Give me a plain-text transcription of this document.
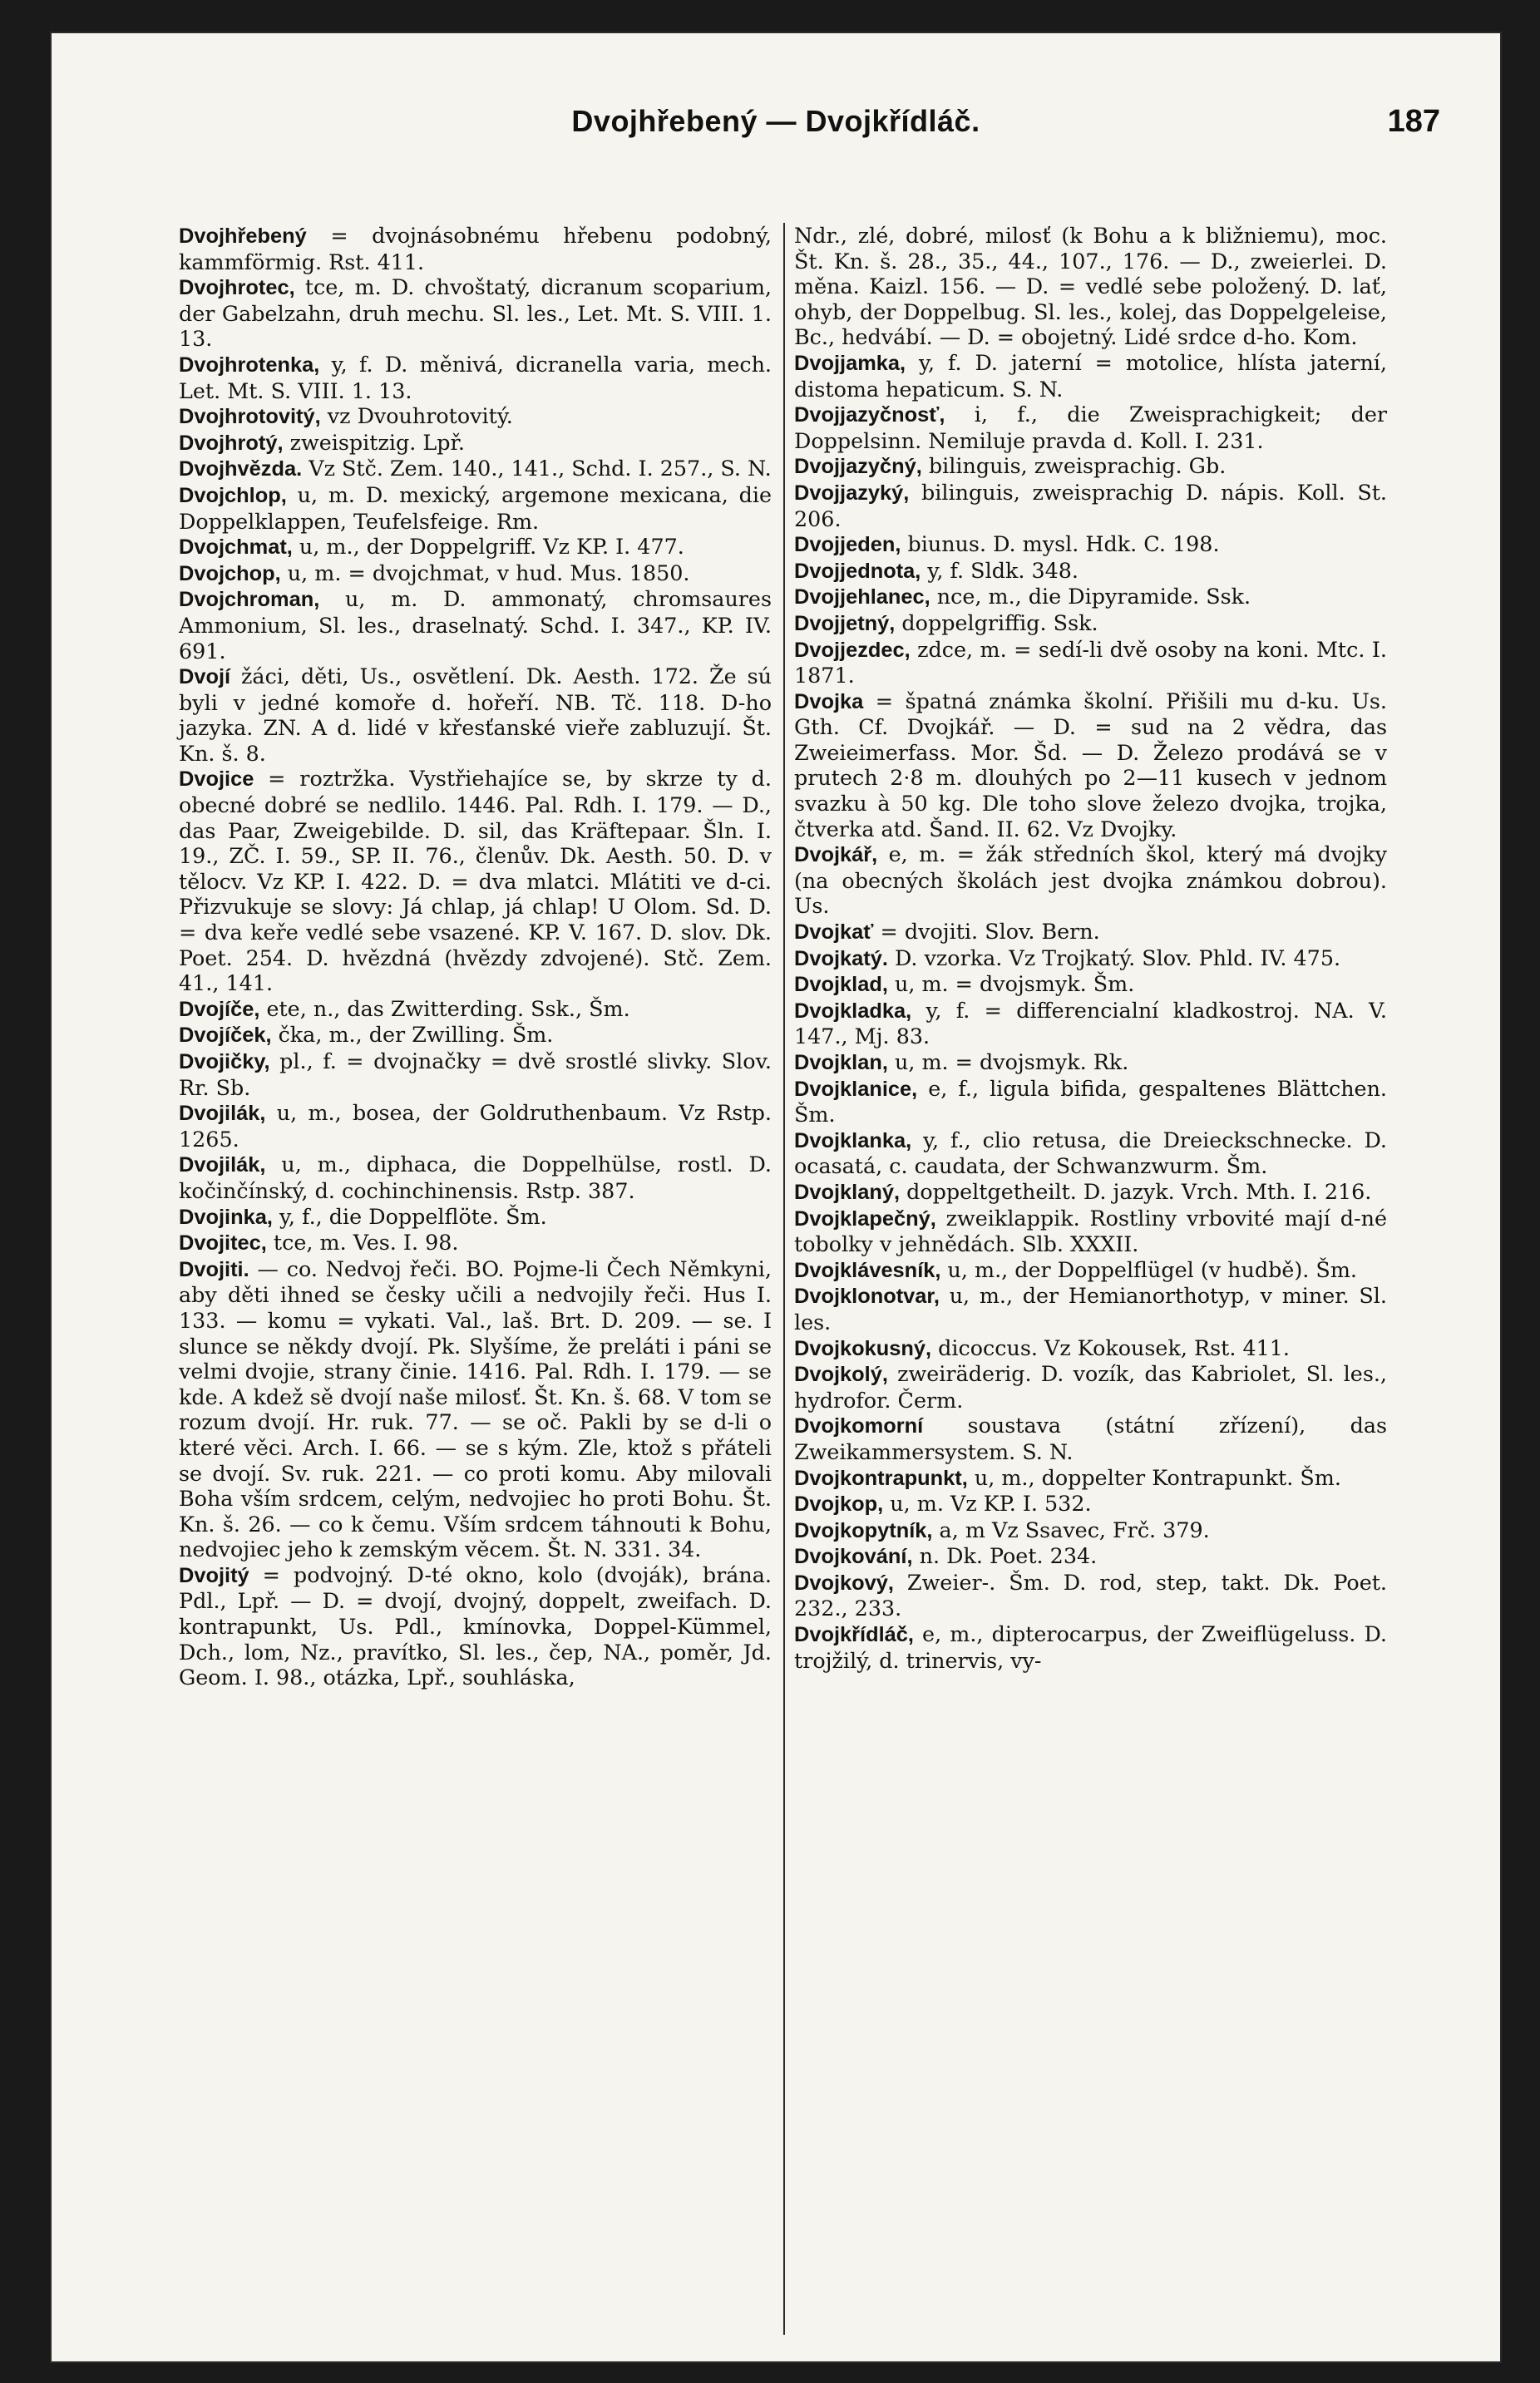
Dvojhřebený — Dvojkřídláč.	187

Dvojhřebený = dvojnásobnému hřebenu podobný, kammförmig. Rst. 411.

Dvojhrotec, tce, m. D. chvoštatý, dicranum scoparium, der Gabelzahn, druh mechu. Sl. les., Let. Mt. S. VIII. 1. 13.

Dvojhrotenka, y, f. D. měnivá, dicranella varia, mech. Let. Mt. S. VIII. 1. 13.

Dvojhrotovitý, vz Dvouhrotovitý.

Dvojhrotý, zweispitzig. Lpř.

Dvojhvězda. Vz Stč. Zem. 140., 141., Schd. I. 257., S. N.

Dvojchlop, u, m. D. mexický, argemone mexicana, die Doppelklappen, Teufelsfeige. Rm.

Dvojchmat, u, m., der Doppelgriff. Vz KP. I. 477.

Dvojchop, u, m. = dvojchmat, v hud. Mus. 1850.

Dvojchroman, u, m. D. ammonatý, chromsaures Ammonium, Sl. les., draselnatý. Schd. I. 347., KP. IV. 691.

Dvojí žáci, děti, Us., osvětlení. Dk. Aesth. 172. Že sú byli v jedné komoře d. hořeří. NB. Tč. 118. D-ho jazyka. ZN. A d. lidé v křesťanské vieře zabluzují. Št. Kn. š. 8.

Dvojice = roztržka. Vystřiehajíce se, by skrze ty d. obecné dobré se nedlilo. 1446. Pal. Rdh. I. 179. — D., das Paar, Zweigebilde. D. sil, das Kräftepaar. Šln. I. 19., ZČ. I. 59., SP. II. 76., členův. Dk. Aesth. 50. D. v tělocv. Vz KP. I. 422. D. = dva mlatci. Mlátiti ve d-ci. Přizvukuje se slovy: Já chlap, já chlap! U Olom. Sd. D. = dva keře vedlé sebe vsazené. KP. V. 167. D. slov. Dk. Poet. 254. D. hvězdná (hvězdy zdvojené). Stč. Zem. 41., 141.

Dvojíče, ete, n., das Zwitterding. Ssk., Šm.

Dvojíček, čka, m., der Zwilling. Šm.

Dvojičky, pl., f. = dvojnačky = dvě srostlé slivky. Slov. Rr. Sb.

Dvojilák, u, m., bosea, der Goldruthenbaum. Vz Rstp. 1265.

Dvojilák, u, m., diphaca, die Doppelhülse, rostl. D. kočinčínský, d. cochinchinensis. Rstp. 387.

Dvojinka, y, f., die Doppelflöte. Šm.

Dvojitec, tce, m. Ves. I. 98.

Dvojiti. — co. Nedvoj řeči. BO. Pojme-li Čech Němkyni, aby děti ihned se česky učili a nedvojily řeči. Hus I. 133. — komu = vykati. Val., laš. Brt. D. 209. — se. I slunce se někdy dvojí. Pk. Slyšíme, že preláti i páni se velmi dvojie, strany činie. 1416. Pal. Rdh. I. 179. — se kde. A kdež sě dvojí naše milosť. Št. Kn. š. 68. V tom se rozum dvojí. Hr. ruk. 77. — se oč. Pakli by se d-li o které věci. Arch. I. 66. — se s kým. Zle, ktož s přáteli se dvojí. Sv. ruk. 221. — co proti komu. Aby milovali Boha vším srdcem, celým, nedvojiec ho proti Bohu. Št. Kn. š. 26. — co k čemu. Vším srdcem táhnouti k Bohu, nedvojiec jeho k zemským věcem. Št. N. 331. 34.

Dvojitý = podvojný. D-té okno, kolo (dvoják), brána. Pdl., Lpř. — D. = dvojí, dvojný, doppelt, zweifach. D. kontrapunkt, Us. Pdl., kmínovka, Doppel-Kümmel, Dch., lom, Nz., pravítko, Sl. les., čep, NA., poměr, Jd. Geom. I. 98., otázka, Lpř., souhláska,

Ndr., zlé, dobré, milosť (k Bohu a k bližniemu), moc. Št. Kn. š. 28., 35., 44., 107., 176. — D., zweierlei. D. měna. Kaizl. 156. — D. = vedlé sebe položený. D. lať, ohyb, der Doppelbug. Sl. les., kolej, das Doppelgeleise, Bc., hedvábí. — D. = obojetný. Lidé srdce d-ho. Kom.

Dvojjamka, y, f. D. jaterní = motolice, hlísta jaterní, distoma hepaticum. S. N.

Dvojjazyčnosť, i, f., die Zweisprachigkeit; der Doppelsinn. Nemiluje pravda d. Koll. I. 231.

Dvojjazyčný, bilinguis, zweisprachig. Gb.

Dvojjazyký, bilinguis, zweisprachig D. nápis. Koll. St. 206.

Dvojjeden, biunus. D. mysl. Hdk. C. 198.

Dvojjednota, y, f. Sldk. 348.

Dvojjehlanec, nce, m., die Dipyramide. Ssk.

Dvojjetný, doppelgriffig. Ssk.

Dvojjezdec, zdce, m. = sedí-li dvě osoby na koni. Mtc. I. 1871.

Dvojka = špatná známka školní. Přišili mu d-ku. Us. Gth. Cf. Dvojkář. — D. = sud na 2 vědra, das Zweieimerfass. Mor. Šd. — D. Železo prodává se v prutech 2·8 m. dlouhých po 2—11 kusech v jednom svazku à 50 kg. Dle toho slove železo dvojka, trojka, čtverka atd. Šand. II. 62. Vz Dvojky.

Dvojkář, e, m. = žák středních škol, který má dvojky (na obecných školách jest dvojka známkou dobrou). Us.

Dvojkať = dvojiti. Slov. Bern.

Dvojkatý. D. vzorka. Vz Trojkatý. Slov. Phld. IV. 475.

Dvojklad, u, m. = dvojsmyk. Šm.

Dvojkladka, y, f. = differencialní kladkostroj. NA. V. 147., Mj. 83.

Dvojklan, u, m. = dvojsmyk. Rk.

Dvojklanice, e, f., ligula bifida, gespaltenes Blättchen. Šm.

Dvojklanka, y, f., clio retusa, die Dreieckschnecke. D. ocasatá, c. caudata, der Schwanzwurm. Šm.

Dvojklaný, doppeltgetheilt. D. jazyk. Vrch. Mth. I. 216.

Dvojklapečný, zweiklappik. Rostliny vrbovité mají d-né tobolky v jehnědách. Slb. XXXII.

Dvojklávesník, u, m., der Doppelflügel (v hudbě). Šm.

Dvojklonotvar, u, m., der Hemianorthotyp, v miner. Sl. les.

Dvojkokusný, dicoccus. Vz Kokousek, Rst. 411.

Dvojkolý, zweiräderig. D. vozík, das Kabriolet, Sl. les., hydrofor. Čerm.

Dvojkomorní soustava (státní zřízení), das Zweikammersystem. S. N.

Dvojkontrapunkt, u, m., doppelter Kontrapunkt. Šm.

Dvojkop, u, m. Vz KP. I. 532.

Dvojkopytník, a, m Vz Ssavec, Frč. 379.

Dvojkování, n. Dk. Poet. 234.

Dvojkový, Zweier-. Šm. D. rod, step, takt. Dk. Poet. 232., 233.

Dvojkřídláč, e, m., dipterocarpus, der Zweiflügeluss. D. trojžilý, d. trinervis, vy-
